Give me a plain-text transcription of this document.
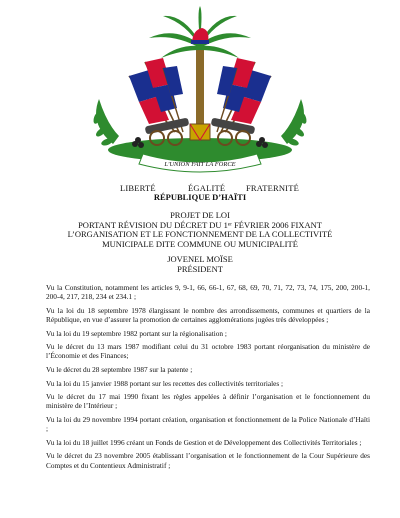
L'UNION FAIT LA FORCE
LIBERTÉ	ÉGALITÉ FRATERNITÉ
RÉPUBLIQUE D’HAÏTI
PROJET DE LOI
PORTANT RÉVISION DU DÉCRET DU 1ᵉʳ FÉVRIER 2006 FIXANT
L’ORGANISATION ET LE FONCTIONNEMENT DE LA COLLECTIVITÉ
MUNICIPALE DITE COMMUNE OU MUNICIPALITÉ
JOVENEL MOÏSE
PRÉSIDENT

Vu la Constitution, notamment les articles 9, 9-1, 66, 66-1, 67, 68, 69, 70, 71, 72, 73, 74, 175, 200, 200-1, 200-4, 217, 218, 234 et 234.1 ;

Vu la loi du 18 septembre 1978 élargissant le nombre des arrondissements, communes et quartiers de la République, en vue d’assurer la promotion de certaines agglomérations jugées très développées ;

Vu la loi du 19 septembre 1982 portant sur la régionalisation ;

Vu le décret du 13 mars 1987 modifiant celui du 31 octobre 1983 portant réorganisation du ministère de l’Économie et des Finances;

Vu le décret du 28 septembre 1987 sur la patente ;

Vu la loi du 15 janvier 1988 portant sur les recettes des collectivités territoriales ;

Vu le décret du 17 mai 1990 fixant les règles appelées à définir l’organisation et le fonctionnement du ministère de l’Intérieur ;

Vu la loi du 29 novembre 1994 portant création, organisation et fonctionnement de la Police Nationale d’Haïti ;

Vu la loi du 18 juillet 1996 créant un Fonds de Gestion et de Développement des Collectivités Territoriales ;

Vu le décret du 23 novembre 2005 établissant l’organisation et le fonctionnement de la Cour Supérieure des Comptes et du Contentieux Administratif ;
